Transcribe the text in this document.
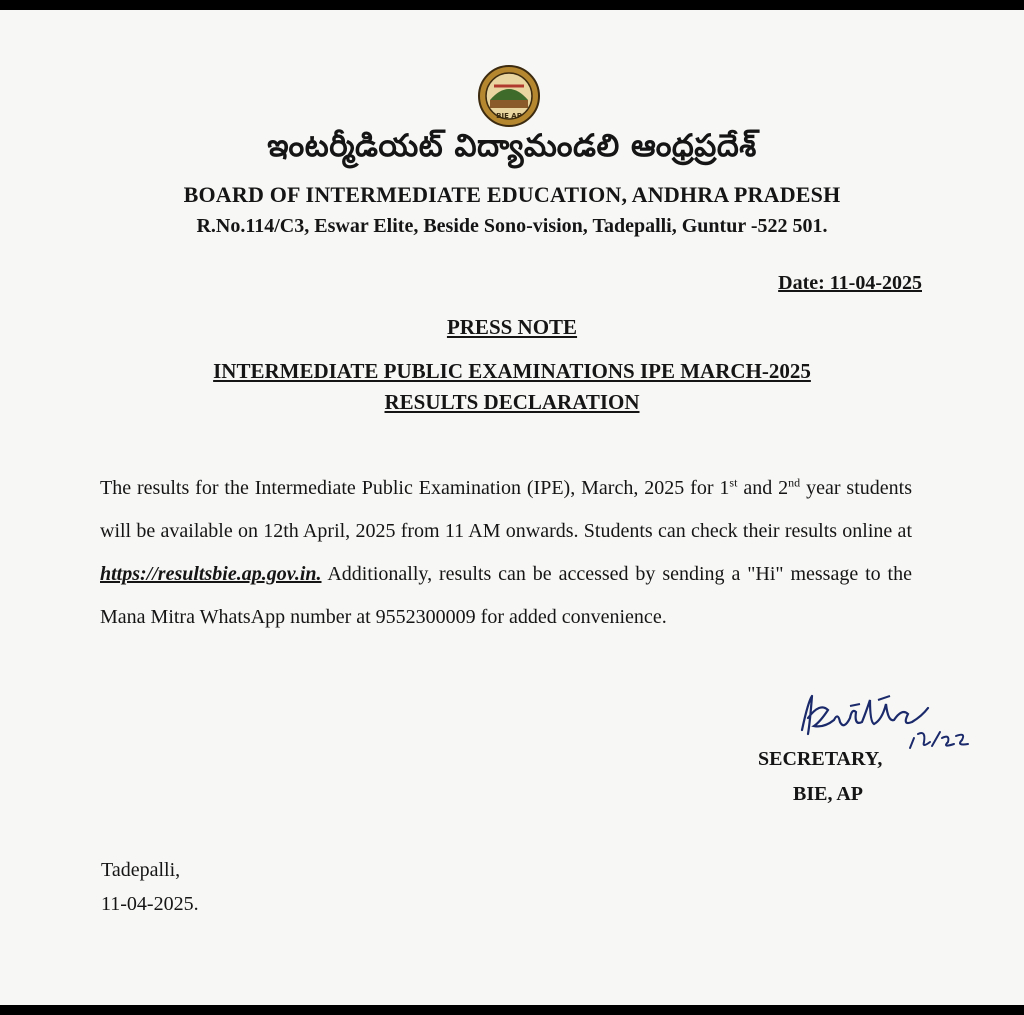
BIE AP
ఇంటర్మీడియట్ విద్యామండలి ఆంధ్రప్రదేశ్
BOARD OF INTERMEDIATE EDUCATION, ANDHRA PRADESH
R.No.114/C3, Eswar Elite, Beside Sono-vision, Tadepalli, Guntur -522 501.
Date: 11-04-2025
PRESS NOTE
INTERMEDIATE PUBLIC EXAMINATIONS IPE MARCH-2025
RESULTS DECLARATION
The results for the Intermediate Public Examination (IPE), March, 2025 for 1st and 2nd year students will be available on 12th April, 2025 from 11 AM onwards. Students can check their results online at https://resultsbie.ap.gov.in. Additionally, results can be accessed by sending a "Hi" message to the Mana Mitra WhatsApp number at 9552300009 for added convenience.
SECRETARY,
BIE, AP
Tadepalli,
11-04-2025.
